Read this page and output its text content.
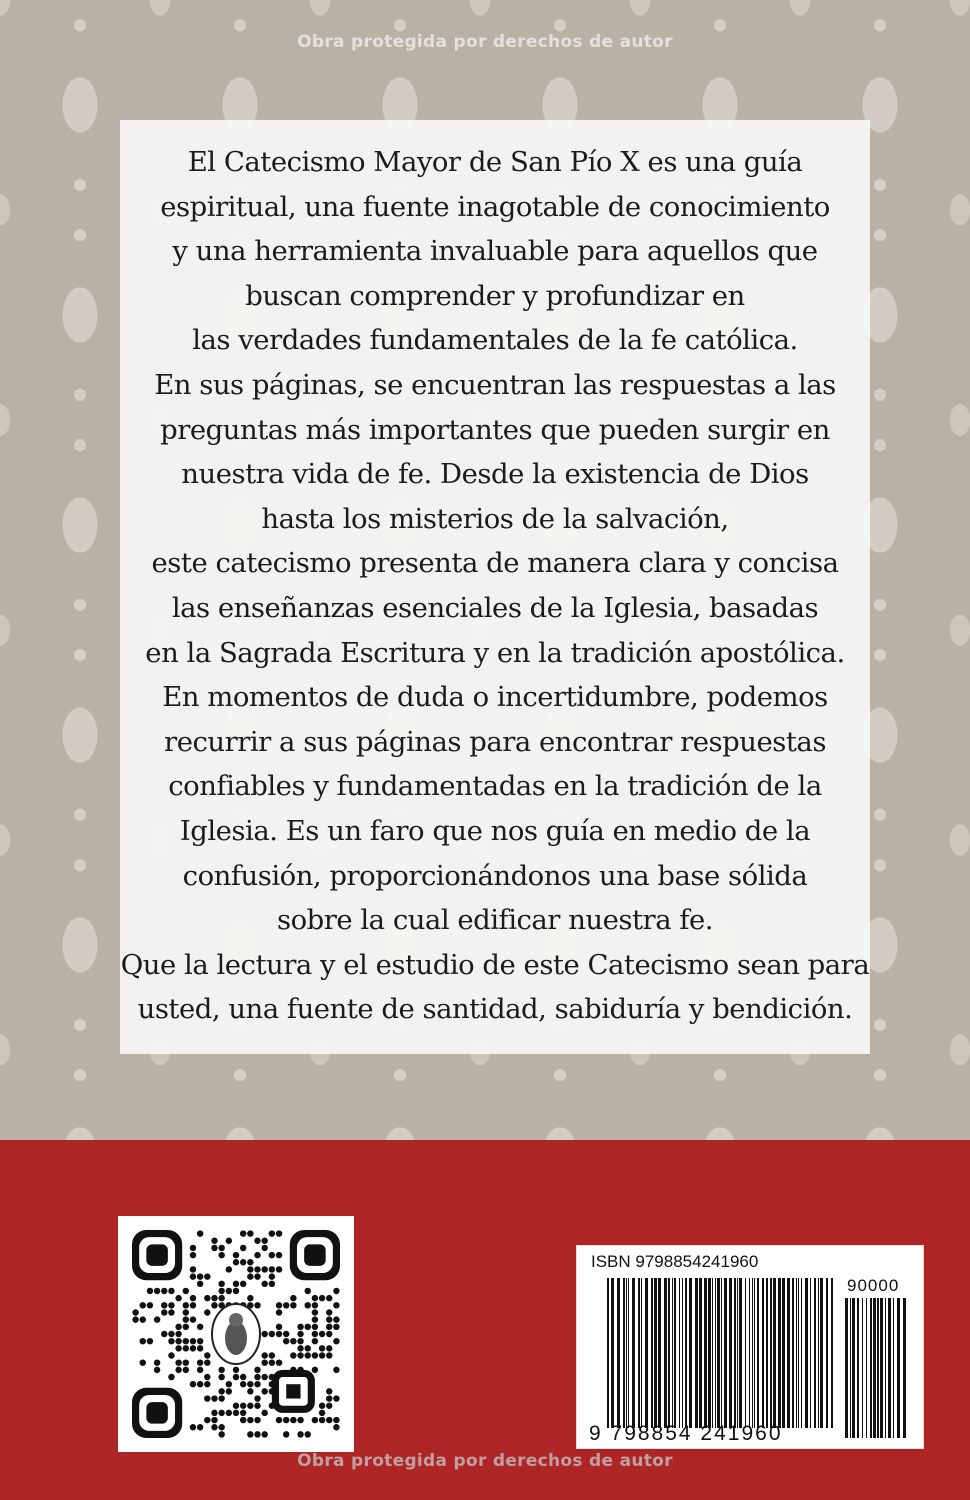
Obra protegida por derechos de autor

El Catecismo Mayor de San Pío X es una guía

espiritual, una fuente inagotable de conocimiento

y una herramienta invaluable para aquellos que

buscan comprender y profundizar en

las verdades fundamentales de la fe católica.

En sus páginas, se encuentran las respuestas a las

preguntas más importantes que pueden surgir en

nuestra vida de fe. Desde la existencia de Dios

hasta los misterios de la salvación,

este catecismo presenta de manera clara y concisa

las enseñanzas esenciales de la Iglesia, basadas

en la Sagrada Escritura y en la tradición apostólica.

En momentos de duda o incertidumbre, podemos

recurrir a sus páginas para encontrar respuestas

confiables y fundamentadas en la tradición de la

Iglesia. Es un faro que nos guía en medio de la

confusión, proporcionándonos una base sólida

sobre la cual edificar nuestra fe.

Que la lectura y el estudio de este Catecismo sean para

usted, una fuente de santidad, sabiduría y bendición.

ISBN 9798854241960
90000
9 798854 241960
Obra protegida por derechos de autor
